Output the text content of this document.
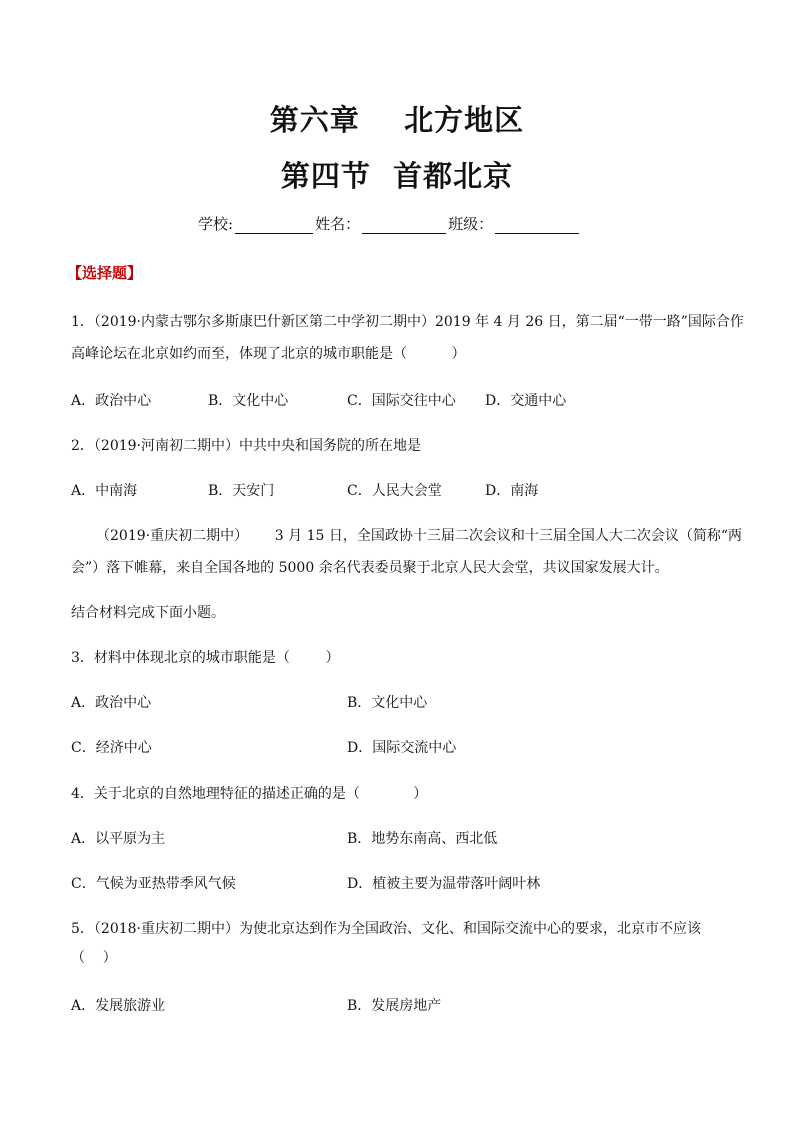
第六章    北方地区
第四节  首都北京
学校:	姓名：	班级：
【选择题】
1．（2019·内蒙古鄂尔多斯康巴什新区第二中学初二期中）2019 年 4 月 26 日，第二届“一带一路”国际合作
高峰论坛在北京如约而至，体现了北京的城市职能是（          ）
A．政治中心	B．文化中心	C．国际交往中心 D．交通中心
2．（2019·河南初二期中）中共中央和国务院的所在地是
A．中南海	B．天安门	C．人民大会堂	D．南海
（2019·重庆初二期中）      3 月 15 日，全国政协十三届二次会议和十三届全国人大二次会议（简称“两
会”）落下帷幕，来自全国各地的 5000 余名代表委员聚于北京人民大会堂，共议国家发展大计。
结合材料完成下面小题。
3．材料中体现北京的城市职能是（        ）
A．政治中心	B．文化中心
C．经济中心	D．国际交流中心
4．关于北京的自然地理特征的描述正确的是（            ）
A．以平原为主	B．地势东南高、西北低
C．气候为亚热带季风气候	D．植被主要为温带落叶阔叶林
5．（2018·重庆初二期中）为使北京达到作为全国政治、文化、和国际交流中心的要求，北京市不应该
（    ）
A．发展旅游业	B．发展房地产
